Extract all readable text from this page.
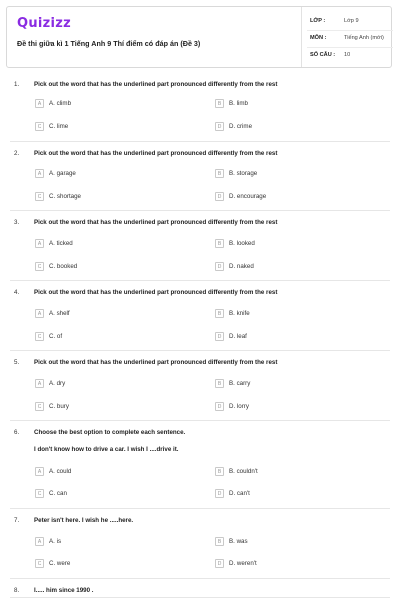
Quizizz
Đề thi giữa kì 1 Tiếng Anh 9 Thí điểm có đáp án (Đề 3)
LỚP :	Lớp 9
MÔN :	Tiếng Anh (mới)
SỐ CÂU : 10
1. Pick out the word that has the underlined part pronounced differently from the rest
A	A. climb	B	B. limb
C	C. lime	D	D. crime
2. Pick out the word that has the underlined part pronounced differently from the rest
A	A. garage	B	B. storage
C	C. shortage	D	D. encourage
3. Pick out the word that has the underlined part pronounced differently from the rest
A	A. ticked	B	B. looked
C	C. booked	D	D. naked
4. Pick out the word that has the underlined part pronounced differently from the rest
A	A. shelf	B	B. knife
C	C. of	D	D. leaf
5. Pick out the word that has the underlined part pronounced differently from the rest
A	A. dry	B	B. carry
C	C. bury	D	D. lorry
6. Choose the best option to complete each sentence.
I don't know how to drive a car. I wish I ....drive it.
A	A. could	B	B. couldn't
C	C. can	D	D. can't
7. Peter isn't here. I wish he .....here.
A	A. is	B	B. was
C	C. were	D	D. weren't
8. I..... him since 1990 .
